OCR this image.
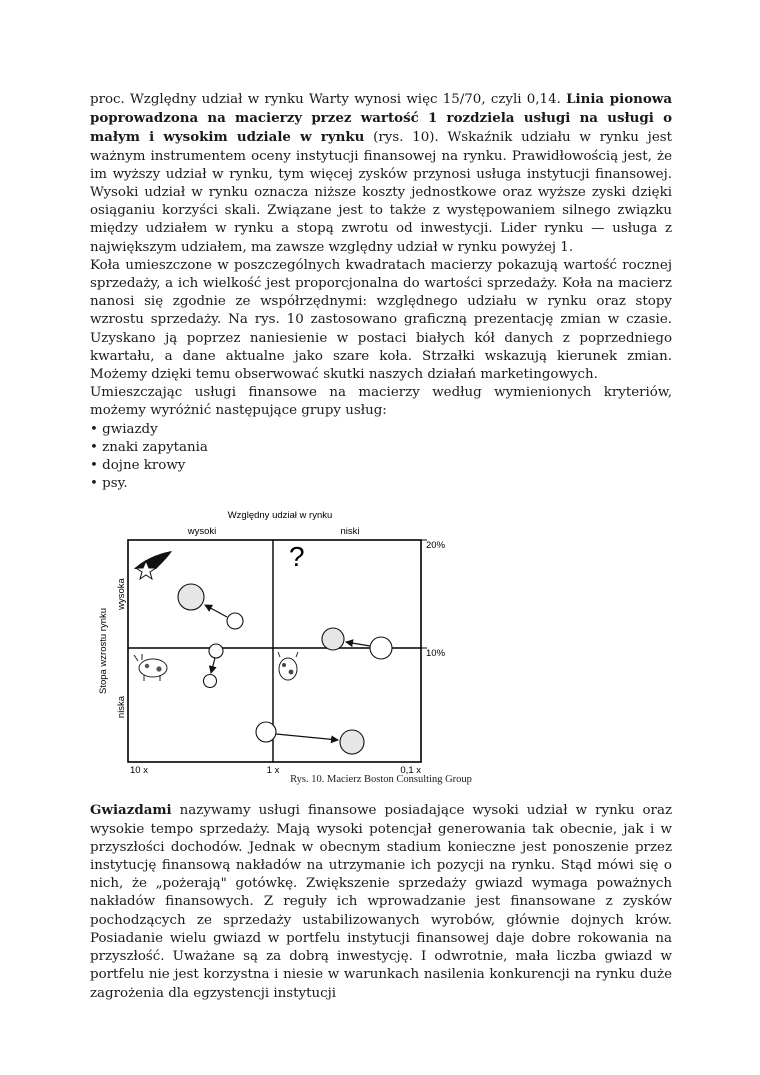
proc. Względny udział w rynku Warty wynosi więc 15/70, czyli 0,14. Linia pionowa poprowadzona na macierzy przez wartość 1 rozdziela usługi na usługi o małym i wysokim udziale w rynku (rys. 10). Wskaźnik udziału w rynku jest ważnym instrumentem oceny instytucji finansowej na rynku. Prawidłowością jest, że im wyższy udział w rynku, tym więcej zysków przynosi usługa instytucji finansowej. Wysoki udział w rynku oznacza niższe koszty jednostkowe oraz wyższe zyski dzięki osiąganiu korzyści skali. Związane jest to także z występowaniem silnego związku między udziałem w rynku a stopą zwrotu od inwestycji. Lider rynku — usługa z największym udziałem, ma zawsze względny udział w rynku powyżej 1.

Koła umieszczone w poszczególnych kwadratach macierzy pokazują wartość rocznej sprzedaży, a ich wielkość jest proporcjonalna do wartości sprzedaży. Koła na macierz nanosi się zgodnie ze współrzędnymi: względnego udziału w rynku oraz stopy wzrostu sprzedaży. Na rys. 10 zastosowano graficzną prezentację zmian w czasie. Uzyskano ją poprzez naniesienie w postaci białych kół danych z poprzedniego kwartału, a dane aktualne jako szare koła. Strzałki wskazują kierunek zmian. Możemy dzięki temu obserwować skutki naszych działań marketingowych.

Umieszczając usługi finansowe na macierzy według wymienionych kryteriów, możemy wyróżnić następujące grupy usług:

• gwiazdy
• znaki zapytania
• dojne krowy
• psy.
Względny udział w rynku
wysoki	niski
20%
10%
Stopa wzrostu rynku
wysoka
niska
10 x	1 x	0,1 x
?
Rys. 10. Macierz Boston Consulting Group

Gwiazdami nazywamy usługi finansowe posiadające wysoki udział w rynku oraz wysokie tempo sprzedaży. Mają wysoki potencjał generowania tak obecnie, jak i w przyszłości dochodów. Jednak w obecnym stadium konieczne jest ponoszenie przez instytucję finansową nakładów na utrzymanie ich pozycji na rynku. Stąd mówi się o nich, że „pożerają" gotówkę. Zwiększenie sprzedaży gwiazd wymaga poważnych nakładów finansowych. Z reguły ich wprowadzanie jest finansowane z zysków pochodzących ze sprzedaży ustabilizowanych wyrobów, głównie dojnych krów. Posiadanie wielu gwiazd w portfelu instytucji finansowej daje dobre rokowania na przyszłość. Uważane są za dobrą inwestycję. I odwrotnie, mała liczba gwiazd w portfelu nie jest korzystna i niesie w warunkach nasilenia konkurencji na rynku duże zagrożenia dla egzystencji instytucji
